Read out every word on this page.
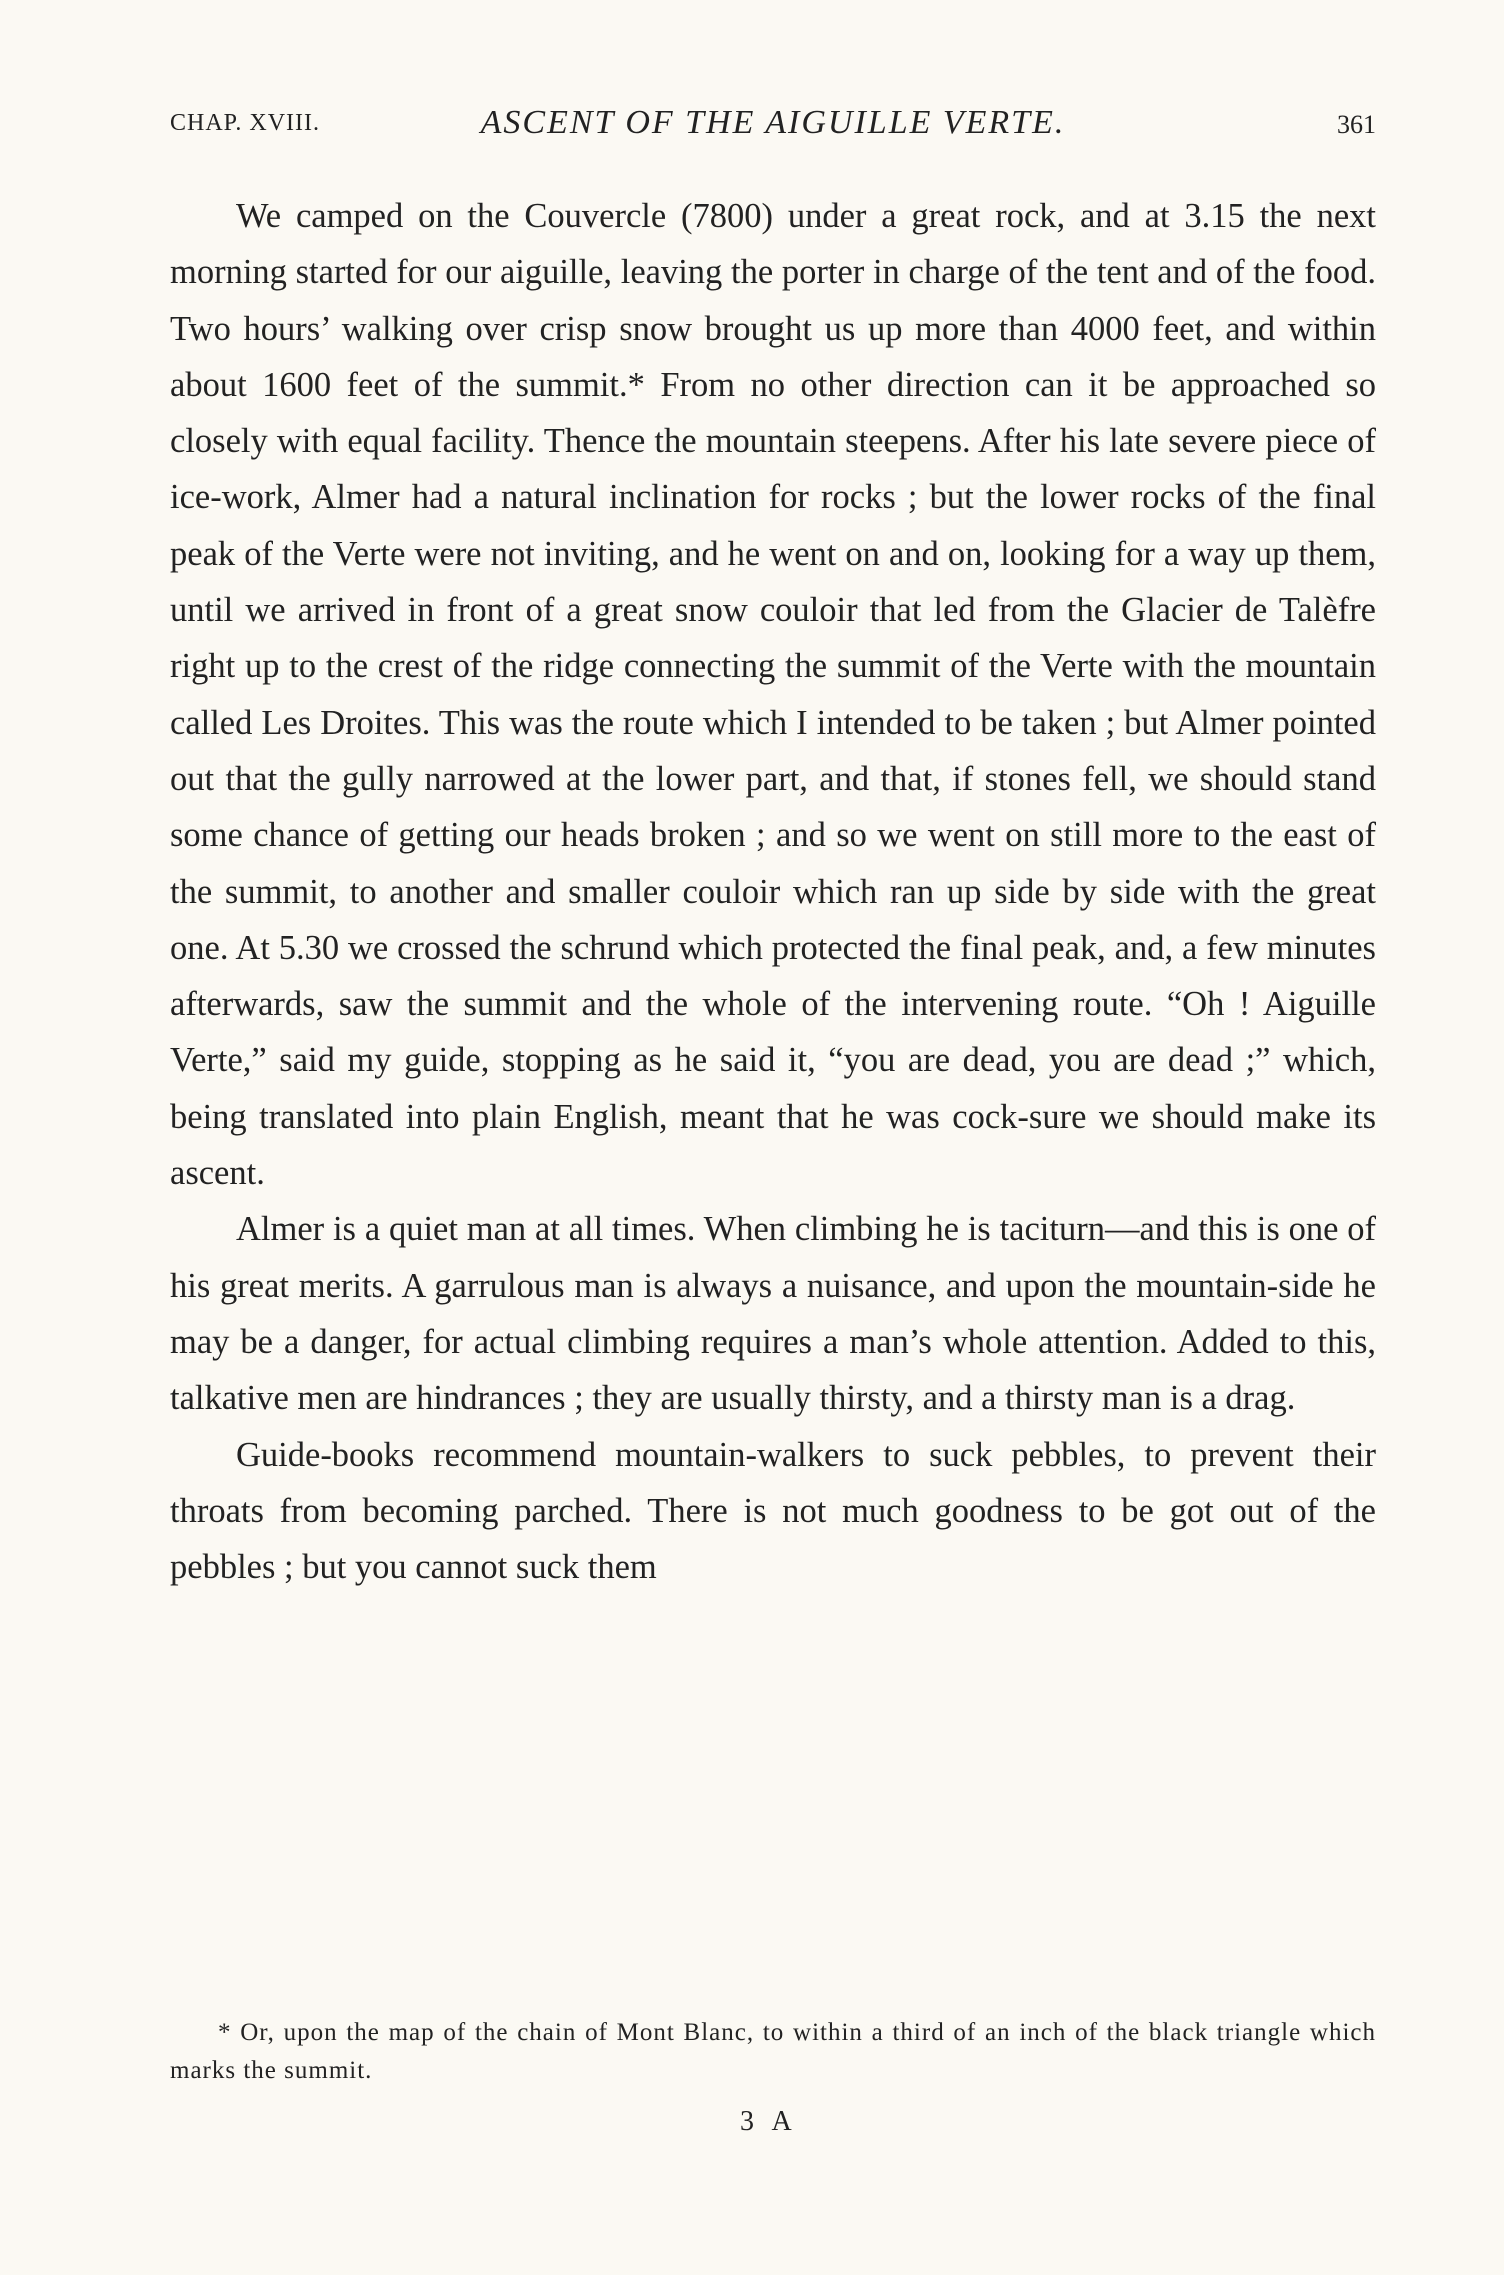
CHAP. XVIII.	ASCENT OF THE AIGUILLE VERTE.	361

We camped on the Couvercle (7800) under a great rock, and at 3.15 the next morning started for our aiguille, leaving the porter in charge of the tent and of the food. Two hours’ walking over crisp snow brought us up more than 4000 feet, and within about 1600 feet of the summit.* From no other direction can it be approached so closely with equal facility. Thence the mountain steepens. After his late severe piece of ice-work, Almer had a natural inclination for rocks ; but the lower rocks of the final peak of the Verte were not inviting, and he went on and on, looking for a way up them, until we arrived in front of a great snow couloir that led from the Glacier de Talèfre right up to the crest of the ridge connecting the summit of the Verte with the mountain called Les Droites. This was the route which I intended to be taken ; but Almer pointed out that the gully narrowed at the lower part, and that, if stones fell, we should stand some chance of getting our heads broken ; and so we went on still more to the east of the summit, to another and smaller couloir which ran up side by side with the great one. At 5.30 we crossed the schrund which protected the final peak, and, a few minutes afterwards, saw the summit and the whole of the intervening route. “Oh ! Aiguille Verte,” said my guide, stopping as he said it, “you are dead, you are dead ;” which, being translated into plain English, meant that he was cock-sure we should make its ascent.

Almer is a quiet man at all times. When climbing he is taciturn—and this is one of his great merits. A garrulous man is always a nuisance, and upon the mountain-side he may be a danger, for actual climbing requires a man’s whole attention. Added to this, talkative men are hindrances ; they are usually thirsty, and a thirsty man is a drag.

Guide-books recommend mountain-walkers to suck pebbles, to prevent their throats from becoming parched. There is not much goodness to be got out of the pebbles ; but you cannot suck them

* Or, upon the map of the chain of Mont Blanc, to within a third of an inch of the black triangle which marks the summit.

3 A
